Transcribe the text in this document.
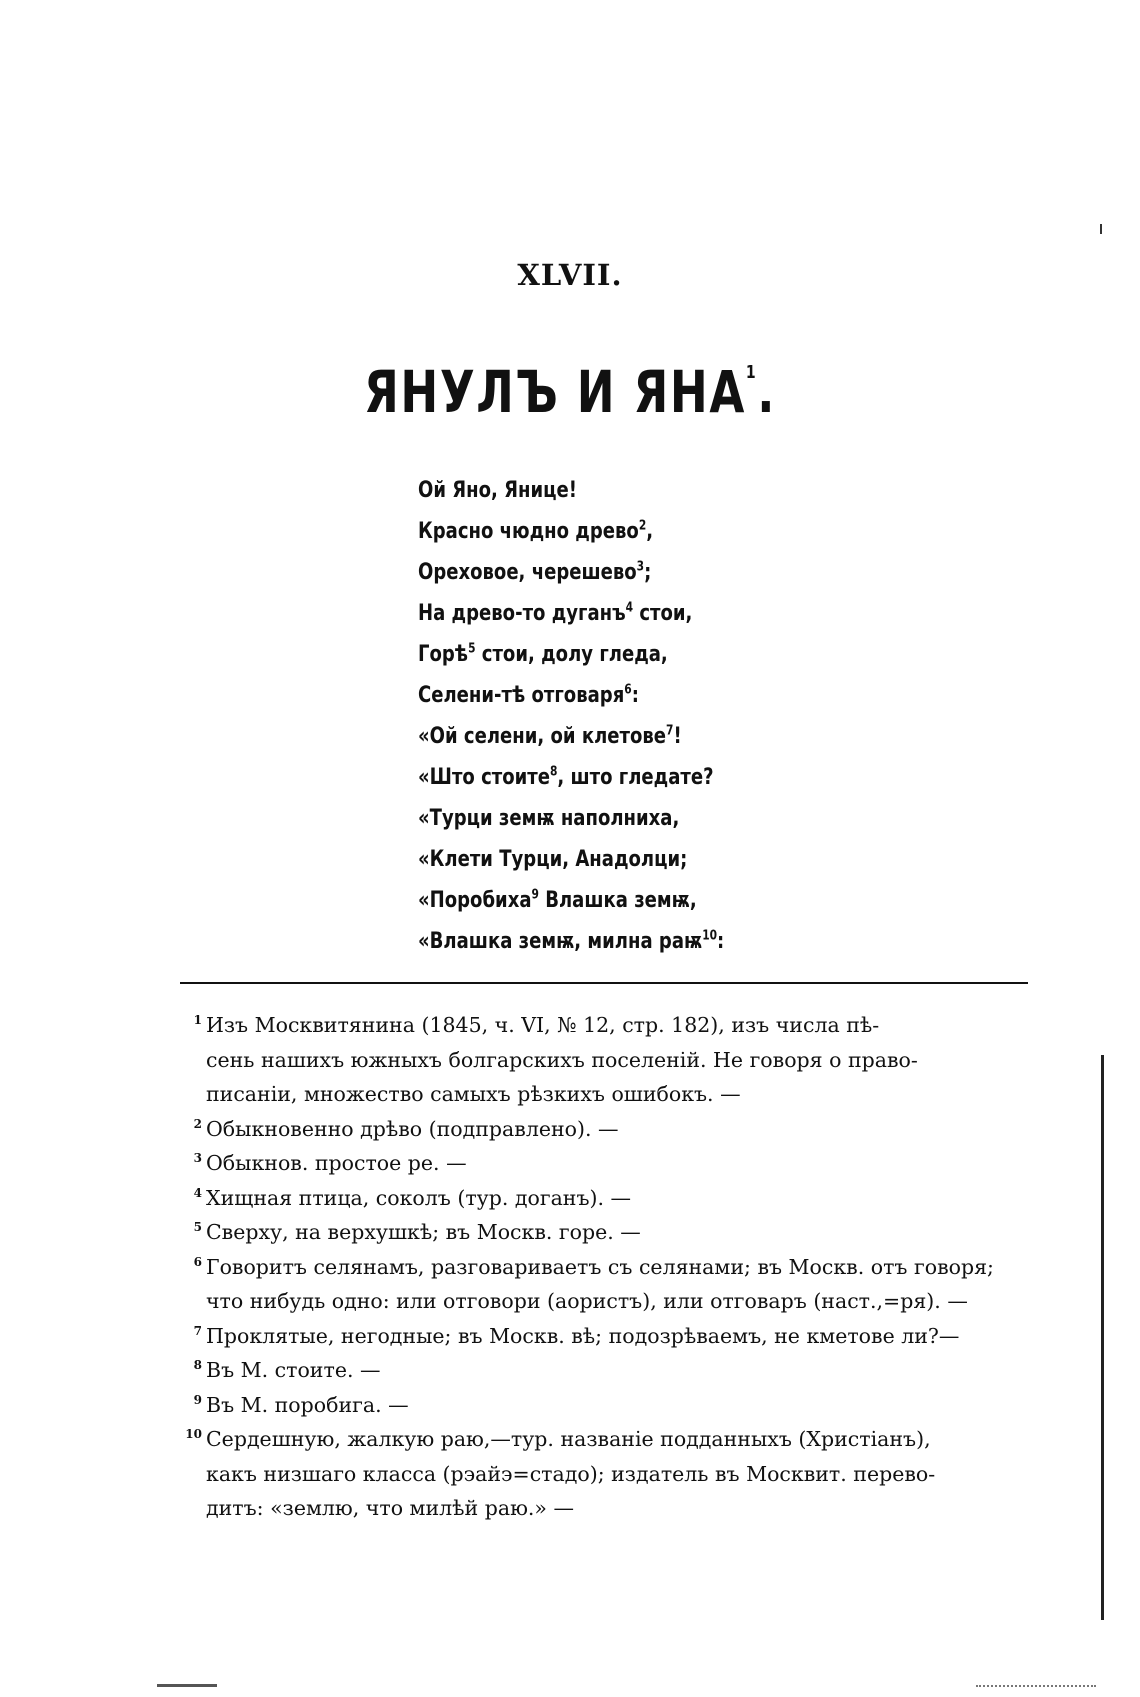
XLVII.
ЯНУЛЪ И ЯНА$^1$.
Ой Яно, Янице!
Красно чюдно древо$^2$,
Ореховое, черешево$^3$;
На древо-то дуганъ$^4$ стои,
Горѣ$^5$ стои, долу гледа,
Селени-тѣ отговаря$^6$:
«Ой селени, ой клетове$^7$!
«Што стоите$^8$, што гледате?
«Турци земѭ наполниха,
«Клети Турци, Анадолци;
«Поробиха$^9$ Влашка земѭ,
«Влашка земѭ, милна раѭ$^{10}$:
1 Изъ Москвитянина (1845, ч. VI, № 12, стр. 182), изъ числа пѣ-
сень нашихъ южныхъ болгарскихъ поселеній. Не говоря о право-
писаніи, множество самыхъ рѣзкихъ ошибокъ. —
2 Обыкновенно дрѣво (подправлено). —
3 Обыкнов. простое ре. —
4 Хищная птица, соколъ (тур. доганъ). —
5 Сверху, на верхушкѣ; въ Москв. горе. —
6 Говоритъ селянамъ, разговариваетъ съ селянами; въ Москв. отъ говоря;
что нибудь одно: или отговори (аористъ), или отговаръ (наст.,=ря). —
7 Проклятые, негодные; въ Москв. вѣ; подозрѣваемъ, не кметове ли?—
8 Въ М. стоите. —
9 Въ М. поробига. —
10 Сердешную, жалкую раю,—тур. названіе подданныхъ (Христіанъ),
какъ низшаго класса (рэайэ=стадо); издатель въ Москвит. перево-
дитъ: «землю, что милѣй раю.» —
